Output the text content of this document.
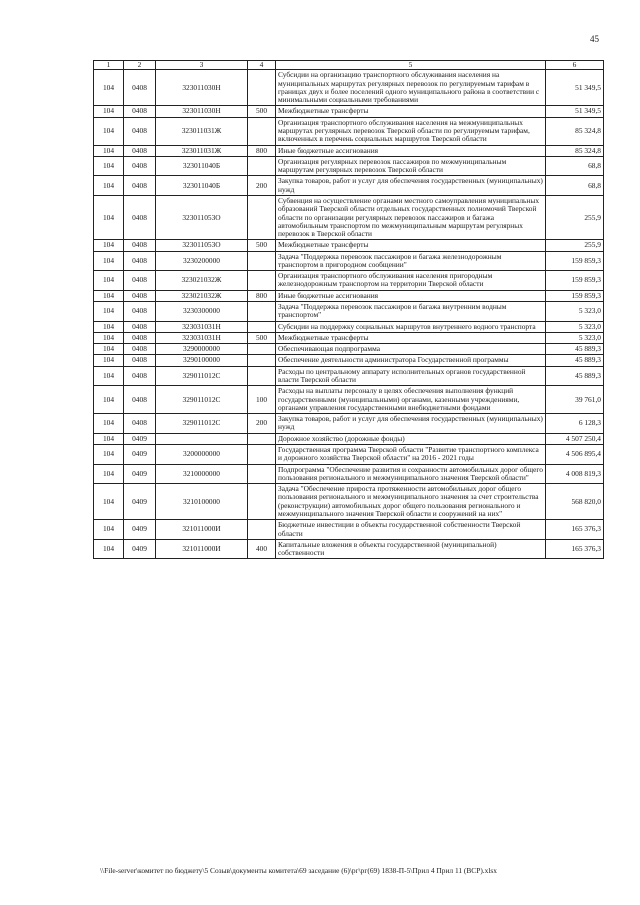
45
1	2	3	4	5	6
104	0408	323011030Н		Субсидии на организацию транспортного обслуживания населения на муниципальных маршрутах регулярных перевозок по регулируемым тарифам в границах двух и более поселений одного муниципального района в соответствии с минимальными социальными требованиями	51 349,5
104	0408	323011030Н	500	Межбюджетные трансферты	51 349,5
104	0408	323011031Ж		Организация транспортного обслуживания населения на межмуниципальных маршрутах регулярных перевозок Тверской области по регулируемым тарифам, включенных в перечень социальных маршрутов Тверской области	85 324,8
104	0408	323011031Ж	800	Иные бюджетные ассигнования	85 324,8
104	0408	323011040Б		Организация регулярных перевозок пассажиров по межмуниципальным маршрутам регулярных перевозок Тверской области	68,8
104	0408	323011040Б	200	Закупка товаров, работ и услуг для обеспечения государственных (муниципальных) нужд	68,8
104	0408	323011053О		Субвенция на осуществление органами местного самоуправления муниципальных образований Тверской области отдельных государственных полномочий Тверской области по организации регулярных перевозок пассажиров и багажа автомобильным транспортом по межмуниципальным маршрутам регулярных перевозок в Тверской области	255,9
104	0408	323011053О	500	Межбюджетные трансферты	255,9
104	0408	3230200000		Задача "Поддержка перевозок пассажиров и багажа железнодорожным транспортом в пригородном сообщении"	159 859,3
104	0408	323021032Ж		Организация транспортного обслуживания населения пригородным железнодорожным транспортом на территории Тверской области	159 859,3
104	0408	323021032Ж	800	Иные бюджетные ассигнования	159 859,3
104	0408	3230300000		Задача "Поддержка перевозок пассажиров и багажа внутренним водным транспортом"	5 323,0
104	0408	323031031Н		Субсидии на поддержку социальных маршрутов внутреннего водного транспорта	5 323,0
104	0408	323031031Н	500	Межбюджетные трансферты	5 323,0
104	0408	3290000000		Обеспечивающая подпрограмма	45 889,3
104	0408	3290100000		Обеспечение деятельности администратора Государственной программы	45 889,3
104	0408	329011012С		Расходы по центральному аппарату исполнительных органов государственной власти Тверской области	45 889,3
104	0408	329011012С	100	Расходы на выплаты персоналу в целях обеспечения выполнения функций государственными (муниципальными) органами, казенными учреждениями, органами управления государственными внебюджетными фондами	39 761,0
104	0408	329011012С	200	Закупка товаров, работ и услуг для обеспечения государственных (муниципальных) нужд	6 128,3
104	0409			Дорожное хозяйство (дорожные фонды)	4 507 250,4
104	0409	3200000000		Государственная программа Тверской области "Развитие транспортного комплекса и дорожного хозяйства Тверской области" на 2016 - 2021 годы	4 506 895,4
104	0409	3210000000		Подпрограмма "Обеспечение развития и сохранности автомобильных дорог общего пользования регионального и межмуниципального значения Тверской области"	4 008 819,3
104	0409	3210100000		Задача "Обеспечение прироста протяженности автомобильных дорог общего пользования регионального и межмуниципального значения за счет строительства (реконструкции) автомобильных дорог общего пользования регионального и межмуниципального значения Тверской области и сооружений на них"	568 820,0
104	0409	321011000И		Бюджетные инвестиции в объекты государственной собственности Тверской области	165 376,3
104	0409	321011000И	400	Капитальные вложения в объекты государственной (муниципальной) собственности	165 376,3
\\File-server\комитет по бюджету\5 Созыв\документы комитета\69 заседание (6)\рг\рг(69) 1838-П-5\Прил 4 Прил 11 (ВСР).xlsx
